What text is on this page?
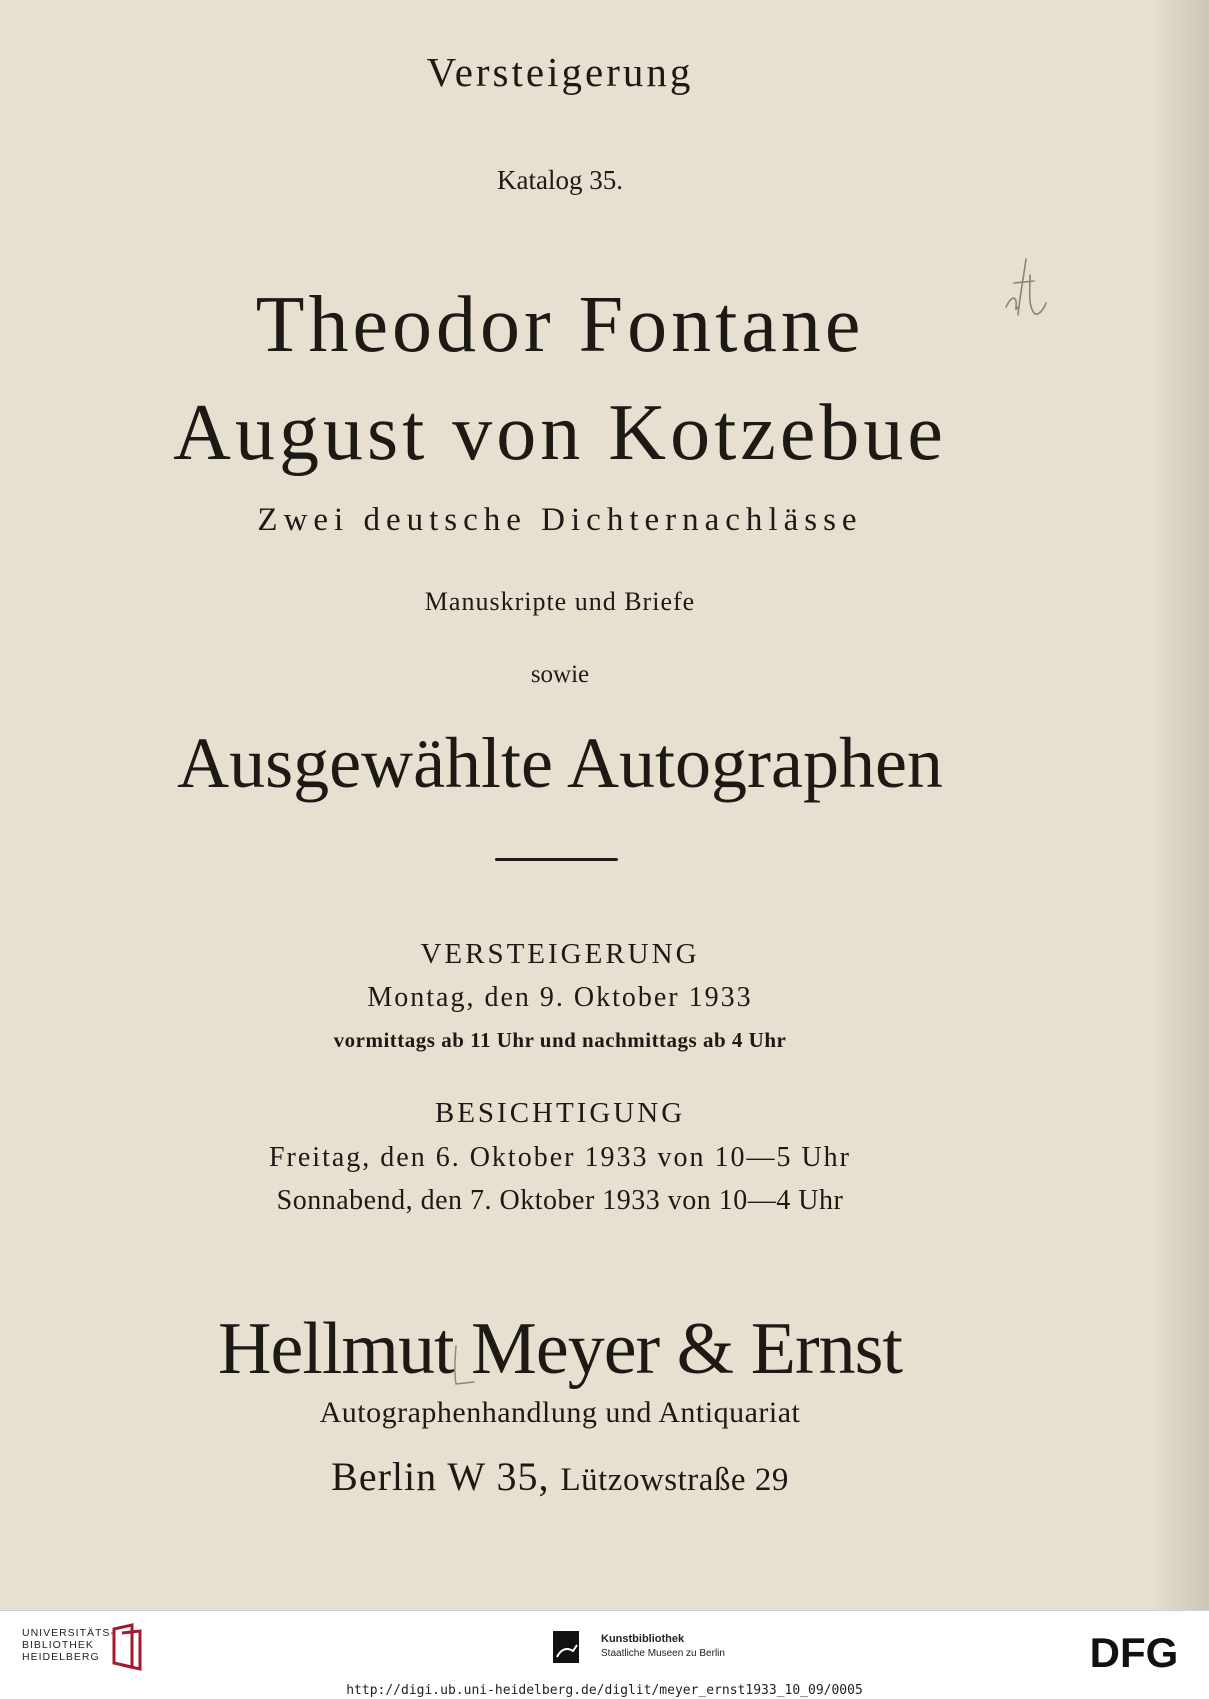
Versteigerung
Katalog 35.
Theodor Fontane
August von Kotzebue
Zwei deutsche Dichternachlässe
Manuskripte und Briefe
sowie
Ausgewählte Autographen
VERSTEIGERUNG
Montag, den 9. Oktober 1933
vormittags ab 11 Uhr und nachmittags ab 4 Uhr
BESICHTIGUNG
Freitag, den 6. Oktober 1933 von 10—5 Uhr
Sonnabend, den 7. Oktober 1933 von 10—4 Uhr
Hellmut Meyer & Ernst
Autographenhandlung und Antiquariat
Berlin W 35, Lützowstraße 29
UNIVERSITÄTS-
BIBLIOTHEK
HEIDELBERG
Kunstbibliothek
Staatliche Museen zu Berlin	DFG
http://digi.ub.uni-heidelberg.de/diglit/meyer_ernst1933_10_09/0005
